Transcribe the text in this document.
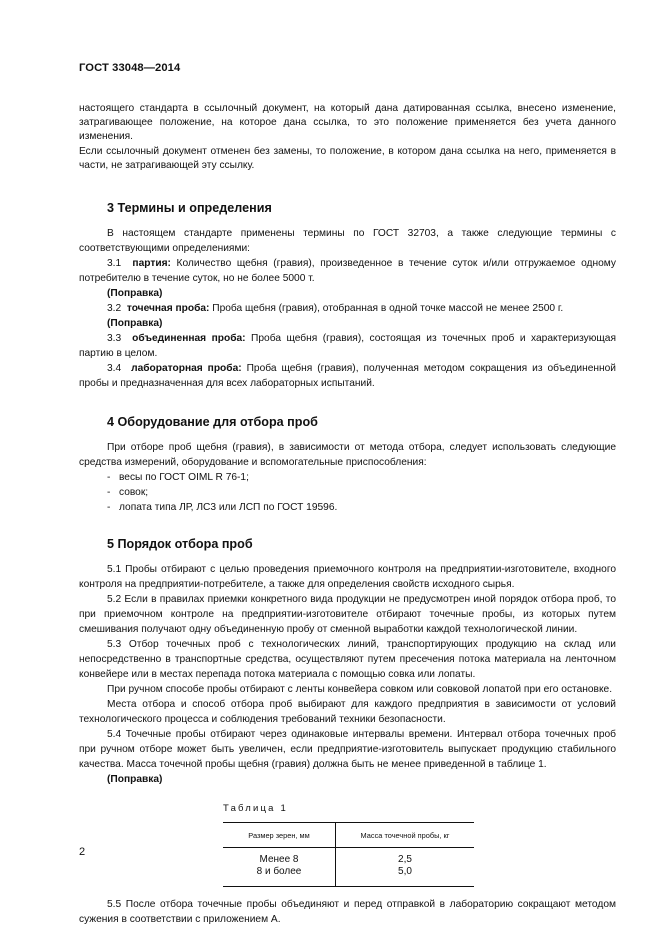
ГОСТ 33048—2014

настоящего стандарта в ссылочный документ, на который дана датированная ссылка, внесено изменение, затрагивающее положение, на которое дана ссылка, то это положение применяется без учета данного изменения.

Если ссылочный документ отменен без замены, то положение, в котором дана ссылка на него, применяется в части, не затрагивающей эту ссылку.

3 Термины и определения

В настоящем стандарте применены термины по ГОСТ 32703, а также следующие термины с соответствующими определениями:

3.1 партия: Количество щебня (гравия), произведенное в течение суток и/или отгружаемое одному потребителю в течение суток, но не более 5000 т.

(Поправка)

3.2 точечная проба: Проба щебня (гравия), отобранная в одной точке массой не менее 2500 г.

(Поправка)

3.3 объединенная проба: Проба щебня (гравия), состоящая из точечных проб и характеризующая партию в целом.

3.4 лабораторная проба: Проба щебня (гравия), полученная методом сокращения из объединенной пробы и предназначенная для всех лабораторных испытаний.

4 Оборудование для отбора проб

При отборе проб щебня (гравия), в зависимости от метода отбора, следует использовать следующие средства измерений, оборудование и вспомогательные приспособления:

- весы по ГОСТ OIML R 76-1;

- совок;

- лопата типа ЛР, ЛС3 или ЛСП по ГОСТ 19596.

5 Порядок отбора проб

5.1 Пробы отбирают с целью проведения приемочного контроля на предприятии-изготовителе, входного контроля на предприятии-потребителе, а также для определения свойств исходного сырья.

5.2 Если в правилах приемки конкретного вида продукции не предусмотрен иной порядок отбора проб, то при приемочном контроле на предприятии-изготовителе отбирают точечные пробы, из которых путем смешивания получают одну объединенную пробу от сменной выработки каждой технологической линии.

5.3 Отбор точечных проб с технологических линий, транспортирующих продукцию на склад или непосредственно в транспортные средства, осуществляют путем пресечения потока материала на ленточном конвейере или в местах перепада потока материала с помощью совка или лопаты.

При ручном способе пробы отбирают с ленты конвейера совком или совковой лопатой при его остановке.

Места отбора и способ отбора проб выбирают для каждого предприятия в зависимости от условий технологического процесса и соблюдения требований техники безопасности.

5.4 Точечные пробы отбирают через одинаковые интервалы времени. Интервал отбора точечных проб при ручном отборе может быть увеличен, если предприятие-изготовитель выпускает продукцию стабильного качества. Масса точечной пробы щебня (гравия) должна быть не менее приведенной в таблице 1.

(Поправка)

Таблица 1
Размер зерен, мм	Масса точечной пробы, кг
Менее 8	2,5
8 и более	5,0

5.5 После отбора точечные пробы объединяют и перед отправкой в лабораторию сокращают методом сужения в соответствии с приложением А.

2
